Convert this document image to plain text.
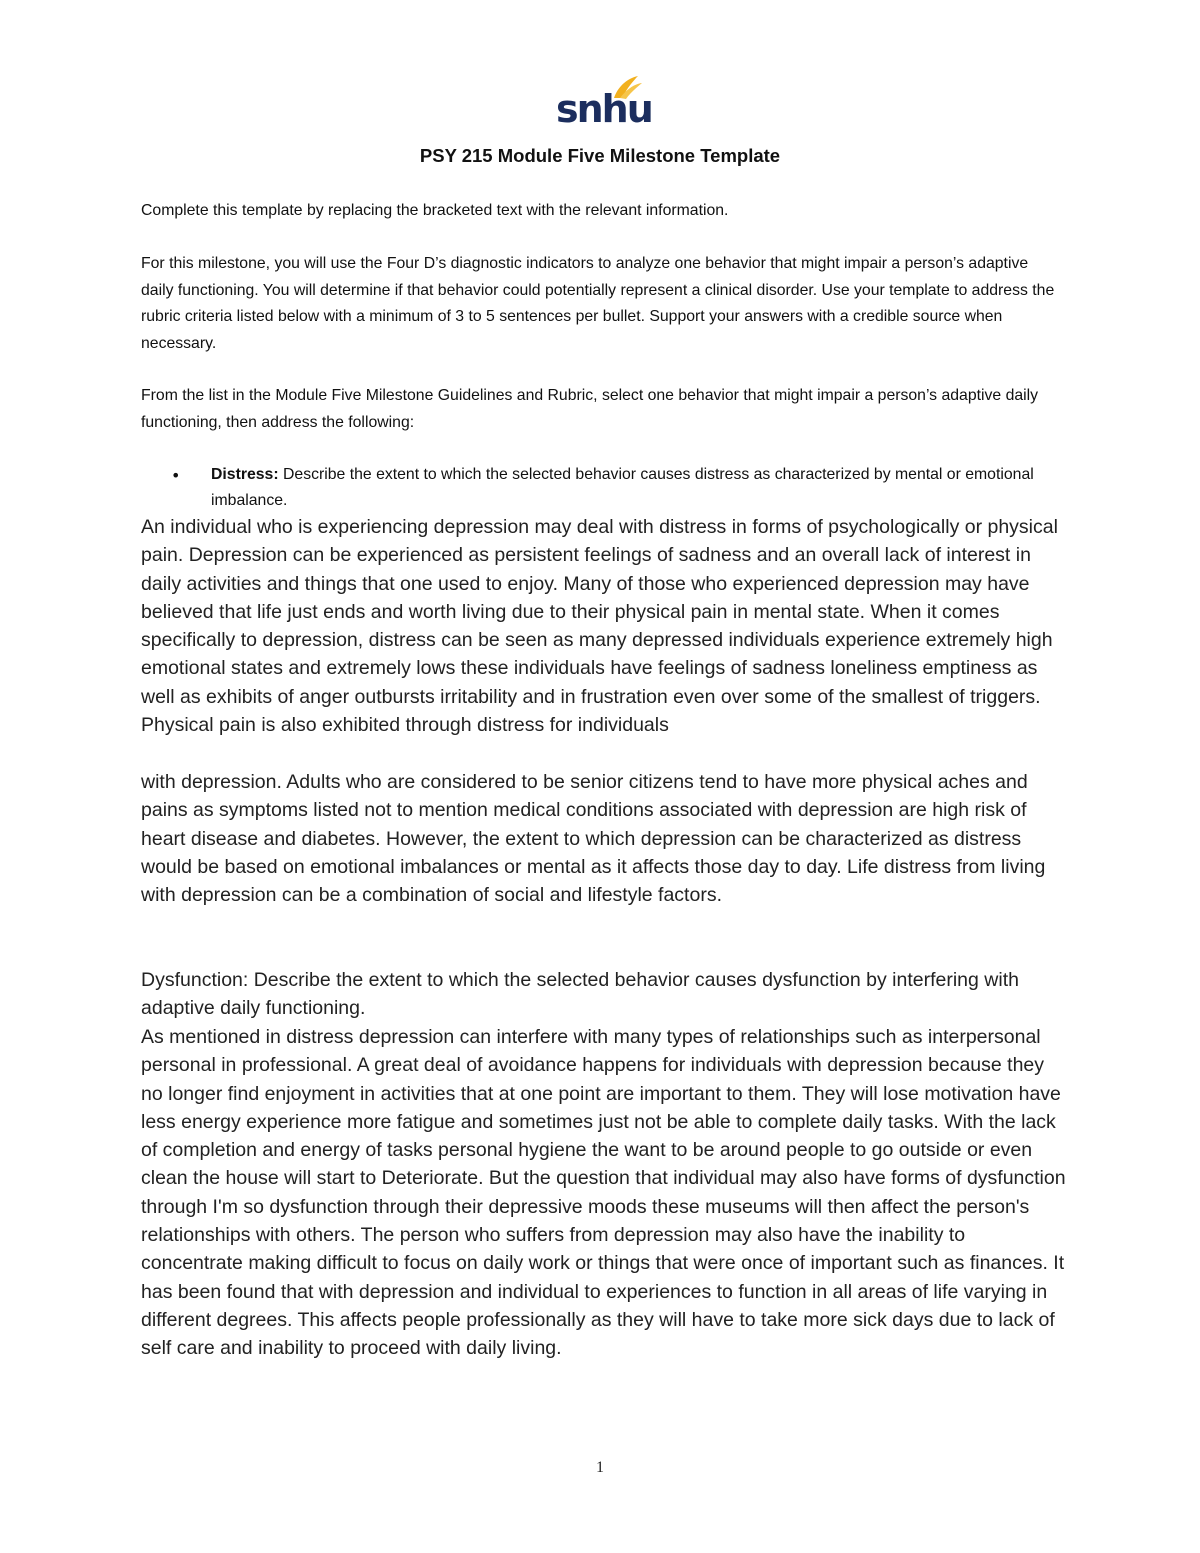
snhu
PSY 215 Module Five Milestone Template
Complete this template by replacing the bracketed text with the relevant information.
For this milestone, you will use the Four D’s diagnostic indicators to analyze one behavior that might impair a person’s adaptive daily functioning. You will determine if that behavior could potentially represent a clinical disorder. Use your template to address the rubric criteria listed below with a minimum of 3 to 5 sentences per bullet. Support your answers with a credible source when necessary.
From the list in the Module Five Milestone Guidelines and Rubric, select one behavior that might impair a person’s adaptive daily functioning, then address the following:
•	Distress: Describe the extent to which the selected behavior causes distress as characterized by mental or emotional imbalance.
An individual who is experiencing depression may deal with distress in forms of psychologically or physical pain. Depression can be experienced as persistent feelings of sadness and an overall lack of interest in daily activities and things that one used to enjoy. Many of those who experienced depression may have believed that life just ends and worth living due to their physical pain in mental state. When it comes specifically to depression, distress can be seen as many depressed individuals experience extremely high emotional states and extremely lows these individuals have feelings of sadness loneliness emptiness as well as exhibits of anger outbursts irritability and in frustration even over some of the smallest of triggers. Physical pain is also exhibited through distress for individuals
with depression. Adults who are considered to be senior citizens tend to have more physical aches and pains as symptoms listed not to mention medical conditions associated with depression are high risk of heart disease and diabetes. However, the extent to which depression can be characterized as distress would be based on emotional imbalances or mental as it affects those day to day. Life distress from living with depression can be a combination of social and lifestyle factors.
Dysfunction: Describe the extent to which the selected behavior causes dysfunction by interfering with adaptive daily functioning.
As mentioned in distress depression can interfere with many types of relationships such as interpersonal personal in professional. A great deal of avoidance happens for individuals with depression because they no longer find enjoyment in activities that at one point are important to them. They will lose motivation have less energy experience more fatigue and sometimes just not be able to complete daily tasks. With the lack of completion and energy of tasks personal hygiene the want to be around people to go outside or even clean the house will start to Deteriorate. But the question that individual may also have forms of dysfunction through I'm so dysfunction through their depressive moods these museums will then affect the person's relationships with others. The person who suffers from depression may also have the inability to concentrate making difficult to focus on daily work or things that were once of important such as finances. It has been found that with depression and individual to experiences to function in all areas of life varying in different degrees. This affects people professionally as they will have to take more sick days due to lack of self care and inability to proceed with daily living.
1
